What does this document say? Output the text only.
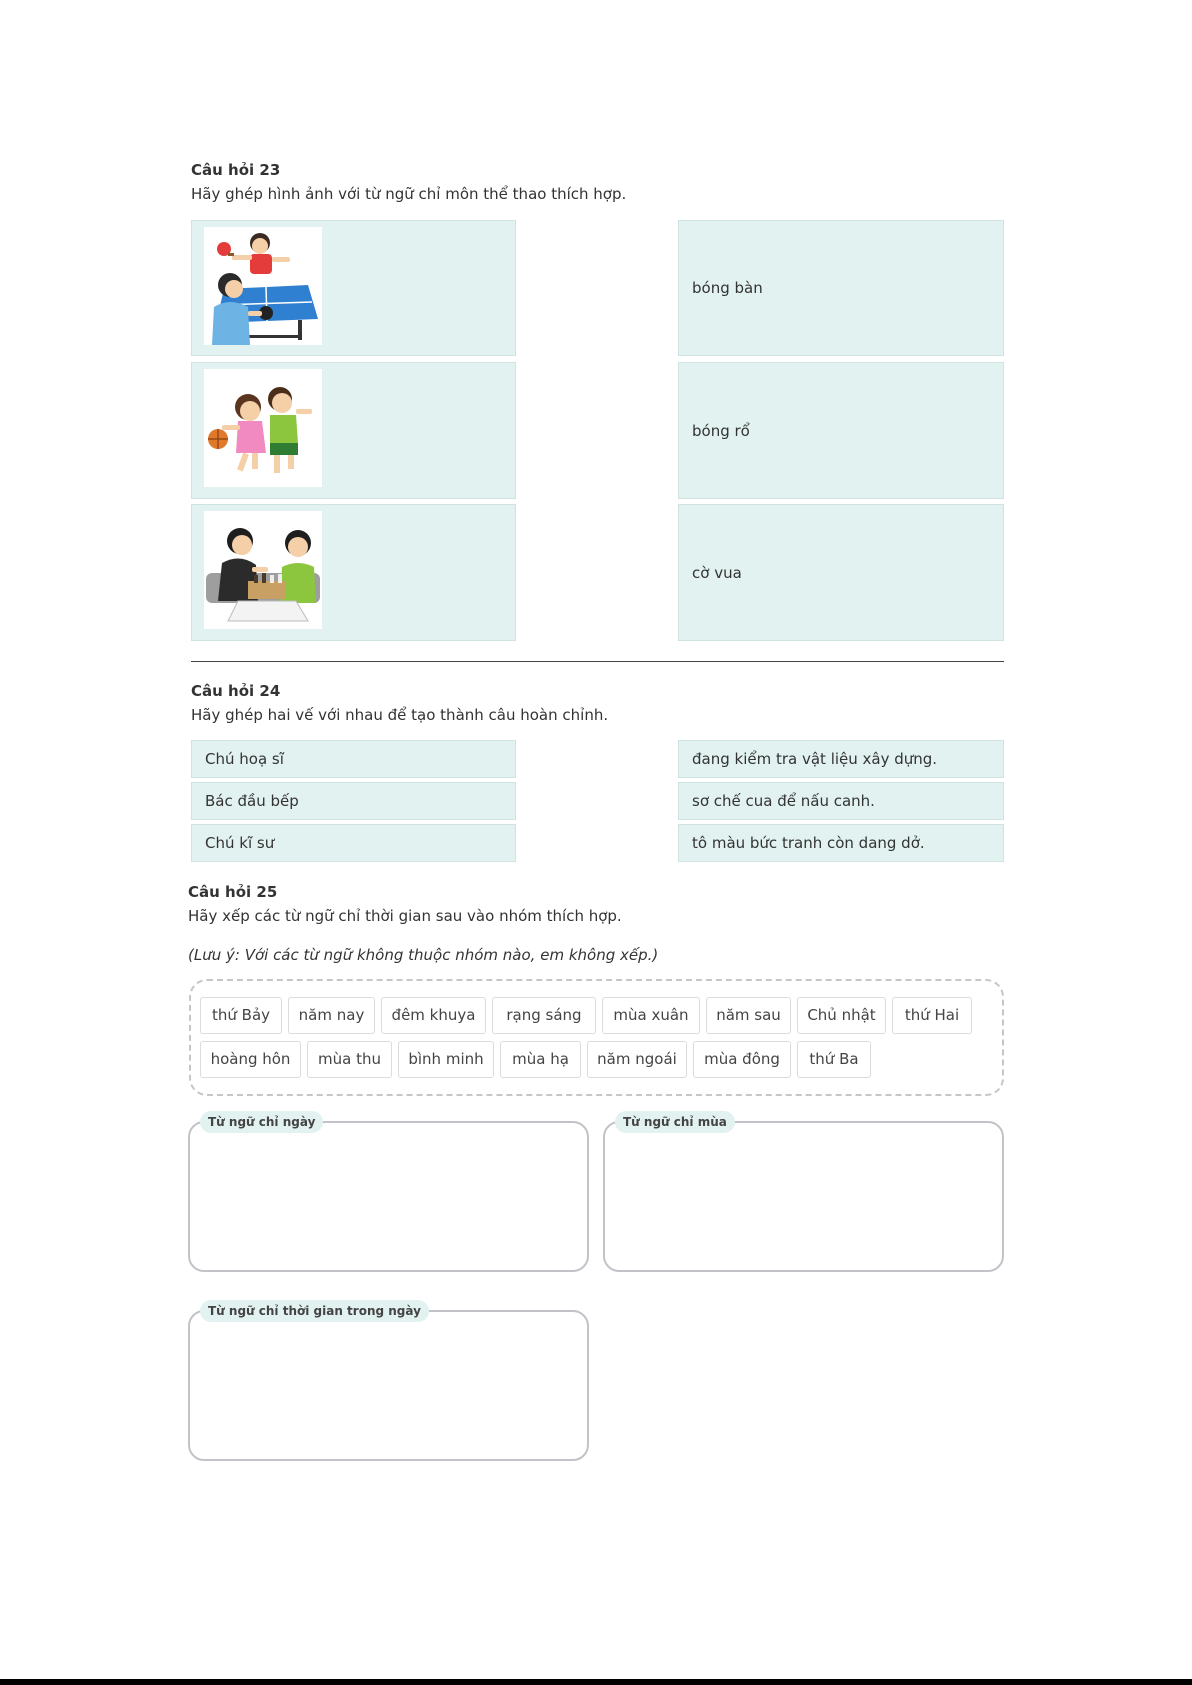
Câu hỏi 23
Hãy ghép hình ảnh với từ ngữ chỉ môn thể thao thích hợp.
bóng bàn
bóng rổ
cờ vua
Câu hỏi 24
Hãy ghép hai vế với nhau để tạo thành câu hoàn chỉnh.
Chú hoạ sĩ
Bác đầu bếp
Chú kĩ sư
đang kiểm tra vật liệu xây dựng.
sơ chế cua để nấu canh.
tô màu bức tranh còn dang dở.
Câu hỏi 25
Hãy xếp các từ ngữ chỉ thời gian sau vào nhóm thích hợp.
(Lưu ý: Với các từ ngữ không thuộc nhóm nào, em không xếp.)
thứ Bảy	năm nay	đêm khuya	rạng sáng	mùa xuân	năm sau	Chủ nhật	thứ Hai
hoàng hôn	mùa thu	bình minh	mùa hạ	năm ngoái	mùa đông	thứ Ba
Từ ngữ chỉ ngày	Từ ngữ chỉ mùa
Từ ngữ chỉ thời gian trong ngày
